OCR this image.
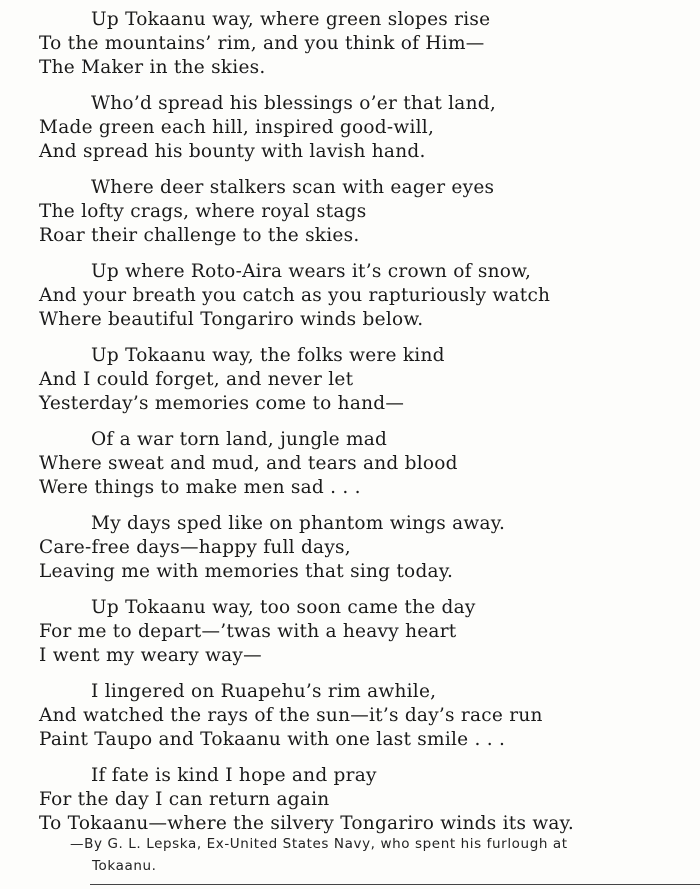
Up Tokaanu way, where green slopes rise
To the mountains’ rim, and you think of Him—
The Maker in the skies.
Who’d spread his blessings o’er that land,
Made green each hill, inspired good-will,
And spread his bounty with lavish hand.
Where deer stalkers scan with eager eyes
The lofty crags, where royal stags
Roar their challenge to the skies.
Up where Roto-Aira wears it’s crown of snow,
And your breath you catch as you rapturiously watch
Where beautiful Tongariro winds below.
Up Tokaanu way, the folks were kind
And I could forget, and never let
Yesterday’s memories come to hand—
Of a war torn land, jungle mad
Where sweat and mud, and tears and blood
Were things to make men sad . . .
My days sped like on phantom wings away.
Care-free days—happy full days,
Leaving me with memories that sing today.
Up Tokaanu way, too soon came the day
For me to depart—’twas with a heavy heart
I went my weary way—
I lingered on Ruapehu’s rim awhile,
And watched the rays of the sun—it’s day’s race run
Paint Taupo and Tokaanu with one last smile . . .
If fate is kind I hope and pray
For the day I can return again
To Tokaanu—where the silvery Tongariro winds its way.
—By G. L. Lepska, Ex-United States Navy, who spent his furlough at
Tokaanu.
